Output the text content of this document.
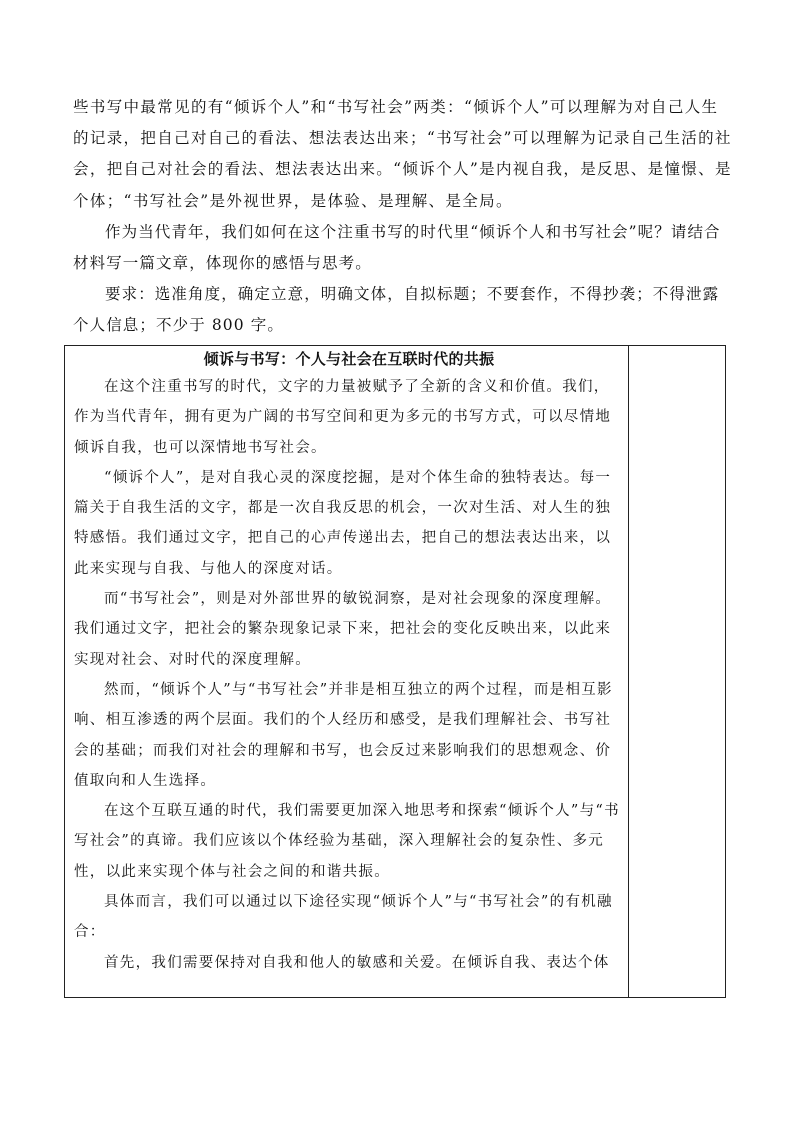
些书写中最常见的有“倾诉个人”和“书写社会”两类：“倾诉个人”可以理解为对自己人生的记录，把自己对自己的看法、想法表达出来；“书写社会”可以理解为记录自己生活的社会，把自己对社会的看法、想法表达出来。“倾诉个人”是内视自我，是反思、是憧憬、是个体；“书写社会”是外视世界，是体验、是理解、是全局。

作为当代青年，我们如何在这个注重书写的时代里“倾诉个人和书写社会”呢？请结合材料写一篇文章，体现你的感悟与思考。

要求：选准角度，确定立意，明确文体，自拟标题；不要套作，不得抄袭；不得泄露个人信息；不少于 800 字。

倾诉与书写：个人与社会在互联时代的共振

在这个注重书写的时代，文字的力量被赋予了全新的含义和价值。我们，作为当代青年，拥有更为广阔的书写空间和更为多元的书写方式，可以尽情地倾诉自我，也可以深情地书写社会。

“倾诉个人”，是对自我心灵的深度挖掘，是对个体生命的独特表达。每一篇关于自我生活的文字，都是一次自我反思的机会，一次对生活、对人生的独特感悟。我们通过文字，把自己的心声传递出去，把自己的想法表达出来，以此来实现与自我、与他人的深度对话。

而“书写社会”，则是对外部世界的敏锐洞察，是对社会现象的深度理解。我们通过文字，把社会的繁杂现象记录下来，把社会的变化反映出来，以此来实现对社会、对时代的深度理解。

然而，“倾诉个人”与“书写社会”并非是相互独立的两个过程，而是相互影响、相互渗透的两个层面。我们的个人经历和感受，是我们理解社会、书写社会的基础；而我们对社会的理解和书写，也会反过来影响我们的思想观念、价值取向和人生选择。

在这个互联互通的时代，我们需要更加深入地思考和探索“倾诉个人”与“书写社会”的真谛。我们应该以个体经验为基础，深入理解社会的复杂性、多元性，以此来实现个体与社会之间的和谐共振。

具体而言，我们可以通过以下途径实现“倾诉个人”与“书写社会”的有机融合：

首先，我们需要保持对自我和他人的敏感和关爱。在倾诉自我、表达个体
